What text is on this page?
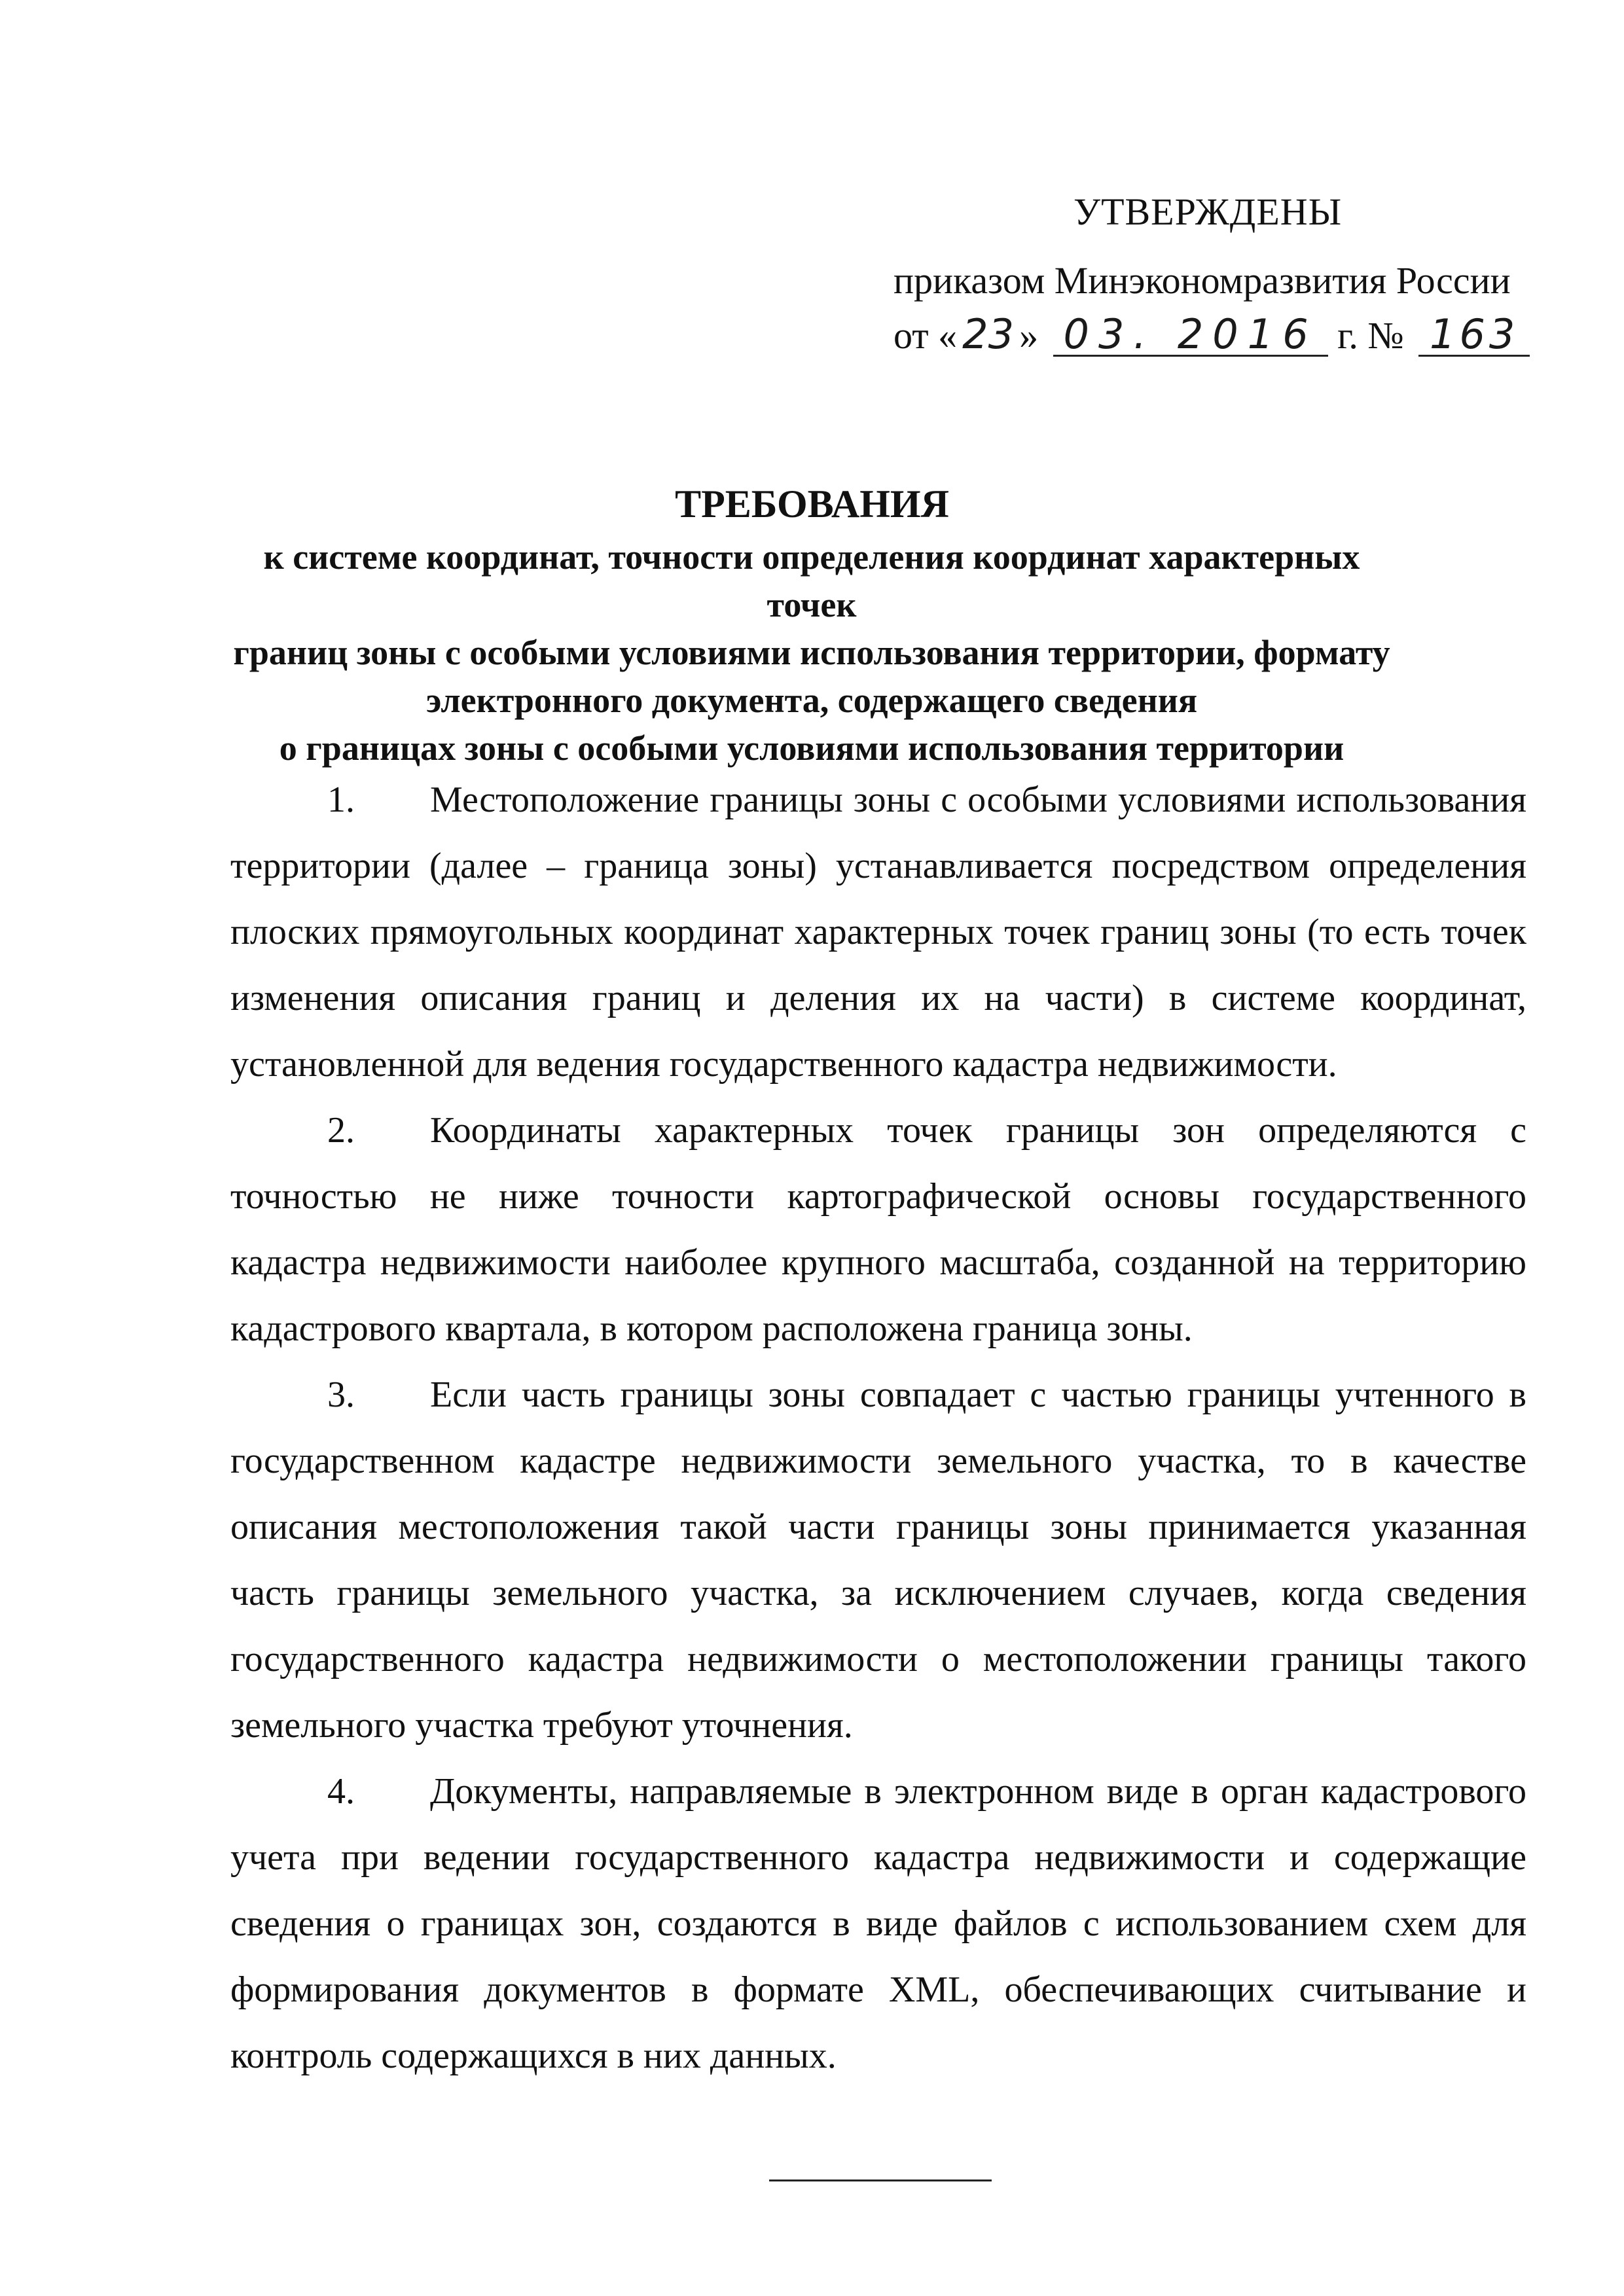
УТВЕРЖДЕНЫ
приказом Минэкономразвития России
от « 23 » 03. 2016 г. № 163
ТРЕБОВАНИЯ
к системе координат, точности определения координат характерных точек
границ зоны с особыми условиями использования территории, формату
электронного документа, содержащего сведения
о границах зоны с особыми условиями использования территории

1. Местоположение границы зоны с особыми условиями использования территории (далее – граница зоны) устанавливается посредством определения плоских прямоугольных координат характерных точек границ зоны (то есть точек изменения описания границ и деления их на части) в системе координат, установленной для ведения государственного кадастра недвижимости.

2. Координаты характерных точек границы зон определяются с точностью не ниже точности картографической основы государственного кадастра недвижимости наиболее крупного масштаба, созданной на территорию кадастрового квартала, в котором расположена граница зоны.

3. Если часть границы зоны совпадает с частью границы учтенного в государственном кадастре недвижимости земельного участка, то в качестве описания местоположения такой части границы зоны принимается указанная часть границы земельного участка, за исключением случаев, когда сведения государственного кадастра недвижимости о местоположении границы такого земельного участка требуют уточнения.

4. Документы, направляемые в электронном виде в орган кадастрового учета при ведении государственного кадастра недвижимости и содержащие сведения о границах зон, создаются в виде файлов с использованием схем для формирования документов в формате XML, обеспечивающих считывание и контроль содержащихся в них данных.
